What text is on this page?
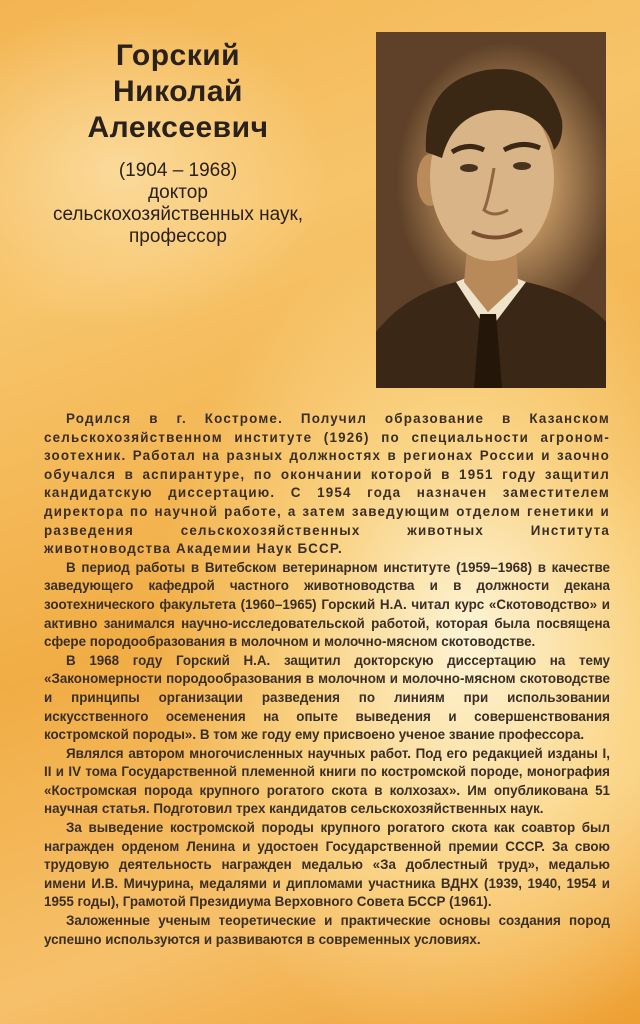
Горский
Николай
Алексеевич
(1904 – 1968)
доктор
сельскохозяйственных наук,
профессор

Родился в г. Костроме. Получил образование в Казанском сельскохозяйственном институте (1926) по специальности агроном-зоотехник. Работал на разных должностях в регионах России и заочно обучался в аспирантуре, по окончании которой в 1951 году защитил кандидатскую диссертацию. С 1954 года назначен заместителем директора по научной работе, а затем заведующим отделом генетики и разведения сельскохозяйственных животных Института животноводства Академии Наук БССР.

В период работы в Витебском ветеринарном институте (1959–1968) в качестве заведующего кафедрой частного животноводства и в должности декана зоотехнического факультета (1960–1965) Горский Н.А. читал курс «Скотоводство» и активно занимался научно-исследовательской работой, которая была посвящена сфере породообразования в молочном и молочно-мясном скотоводстве.

В 1968 году Горский Н.А. защитил докторскую диссертацию на тему «Закономерности породообразования в молочном и молочно-мясном скотоводстве и принципы организации разведения по линиям при использовании искусственного осеменения на опыте выведения и совершенствования костромской породы». В том же году ему присвоено ученое звание профессора.

Являлся автором многочисленных научных работ. Под его редакцией изданы I, II и IV тома Государственной племенной книги по костромской породе, монография «Костромская порода крупного рогатого скота в колхозах». Им опубликована 51 научная статья. Подготовил трех кандидатов сельскохозяйственных наук.

За выведение костромской породы крупного рогатого скота как соавтор был награжден орденом Ленина и удостоен Государственной премии СССР. За свою трудовую деятельность награжден медалью «За доблестный труд», медалью имени И.В. Мичурина, медалями и дипломами участника ВДНХ (1939, 1940, 1954 и 1955 годы), Грамотой Президиума Верховного Совета БССР (1961).

Заложенные ученым теоретические и практические основы создания пород успешно используются и развиваются в современных условиях.
